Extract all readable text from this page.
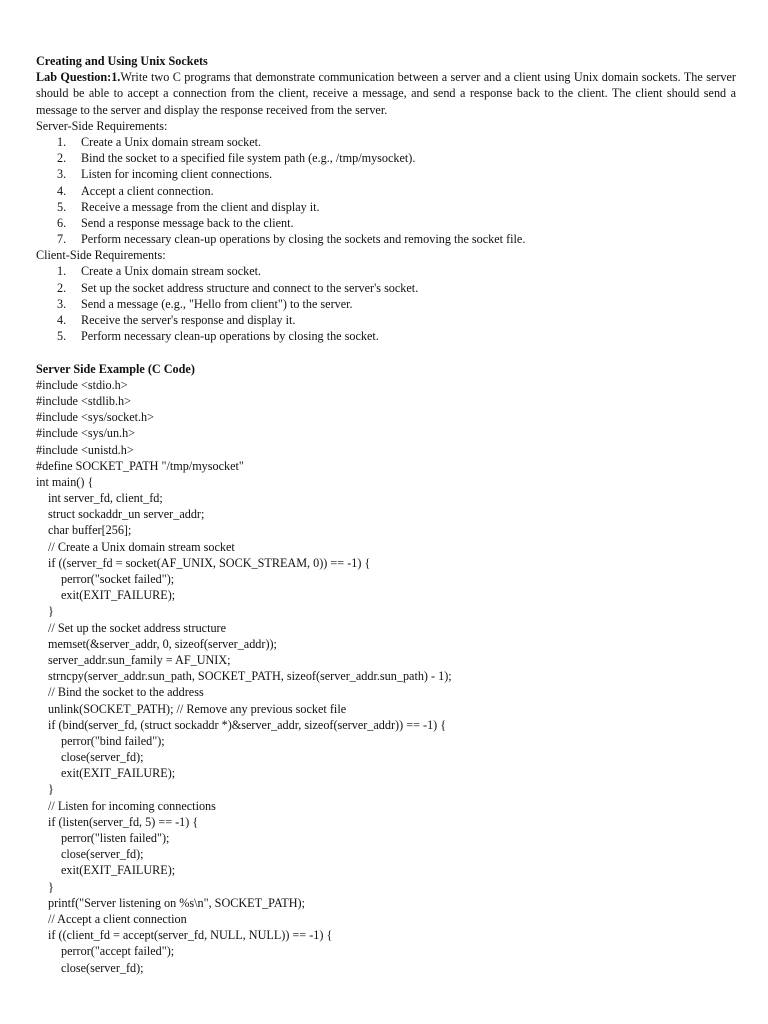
Creating and Using Unix Sockets
Lab Question:1.Write two C programs that demonstrate communication between a server and a client using Unix domain sockets. The server should be able to accept a connection from the client, receive a message, and send a response back to the client. The client should send a message to the server and display the response received from the server.
Server-Side Requirements:
1.	Create a Unix domain stream socket.
2.	Bind the socket to a specified file system path (e.g., /tmp/mysocket).
3.	Listen for incoming client connections.
4.	Accept a client connection.
5.	Receive a message from the client and display it.
6.	Send a response message back to the client.
7.	Perform necessary clean-up operations by closing the sockets and removing the socket file.
Client-Side Requirements:
1.	Create a Unix domain stream socket.
2.	Set up the socket address structure and connect to the server's socket.
3.	Send a message (e.g., "Hello from client") to the server.
4.	Receive the server's response and display it.
5.	Perform necessary clean-up operations by closing the socket.
Server Side Example (C Code)
#include <stdio.h>
#include <stdlib.h>
#include <sys/socket.h>
#include <sys/un.h>
#include <unistd.h>
#define SOCKET_PATH "/tmp/mysocket"
int main() {
int server_fd, client_fd;
struct sockaddr_un server_addr;
char buffer[256];
// Create a Unix domain stream socket
if ((server_fd = socket(AF_UNIX, SOCK_STREAM, 0)) == -1) {
perror("socket failed");
exit(EXIT_FAILURE);
}
// Set up the socket address structure
memset(&server_addr, 0, sizeof(server_addr));
server_addr.sun_family = AF_UNIX;
strncpy(server_addr.sun_path, SOCKET_PATH, sizeof(server_addr.sun_path) - 1);
// Bind the socket to the address
unlink(SOCKET_PATH); // Remove any previous socket file
if (bind(server_fd, (struct sockaddr *)&server_addr, sizeof(server_addr)) == -1) {
perror("bind failed");
close(server_fd);
exit(EXIT_FAILURE);
}
// Listen for incoming connections
if (listen(server_fd, 5) == -1) {
perror("listen failed");
close(server_fd);
exit(EXIT_FAILURE);
}
printf("Server listening on %s\n", SOCKET_PATH);
// Accept a client connection
if ((client_fd = accept(server_fd, NULL, NULL)) == -1) {
perror("accept failed");
close(server_fd);
